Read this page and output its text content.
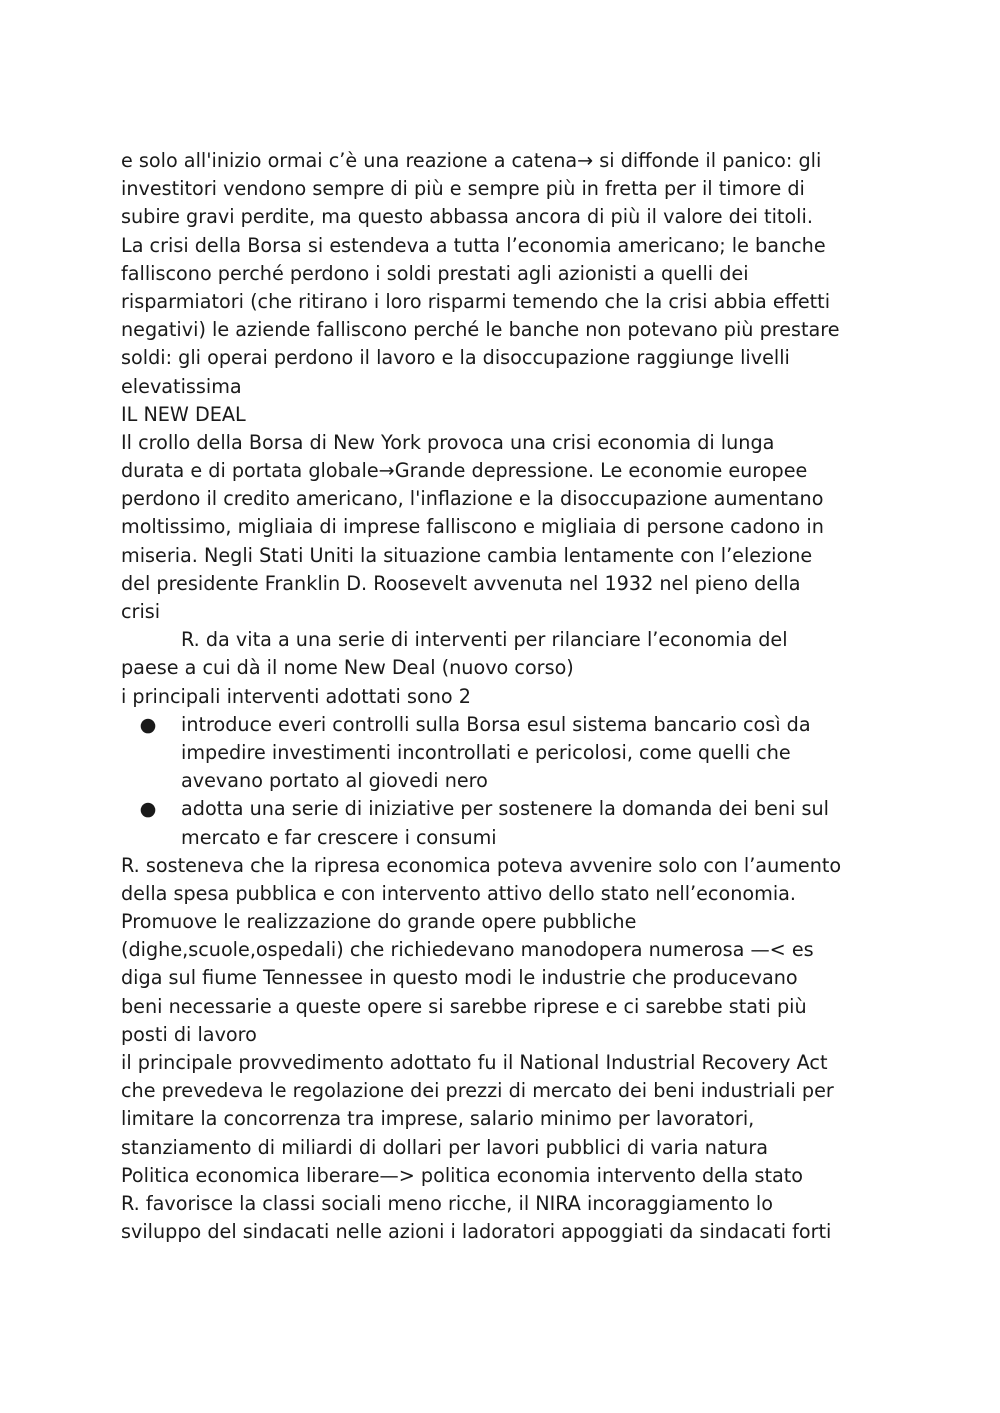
e solo all'inizio ormai c’è una reazione a catena→ si diffonde il panico: gli
investitori vendono sempre di più e sempre più in fretta per il timore di
subire gravi perdite, ma questo abbassa ancora di più il valore dei titoli.
La crisi della Borsa si estendeva a tutta l’economia americano; le banche
falliscono perché perdono i soldi prestati agli azionisti a quelli dei
risparmiatori (che ritirano i loro risparmi temendo che la crisi abbia effetti
negativi) le aziende falliscono perché le banche non potevano più prestare
soldi: gli operai perdono il lavoro e la disoccupazione raggiunge livelli
elevatissima
IL NEW DEAL
Il crollo della Borsa di New York provoca una crisi economia di lunga
durata e di portata globale→Grande depressione. Le economie europee
perdono il credito americano, l'inflazione e la disoccupazione aumentano
moltissimo, migliaia di imprese falliscono e migliaia di persone cadono in
miseria. Negli Stati Uniti la situazione cambia lentamente con l’elezione
del presidente Franklin D. Roosevelt avvenuta nel 1932 nel pieno della
crisi
R. da vita a una serie di interventi per rilanciare l’economia del
paese a cui dà il nome New Deal (nuovo corso)
i principali interventi adottati sono 2
● introduce everi controlli sulla Borsa esul sistema bancario così da
impedire investimenti incontrollati e pericolosi, come quelli che
avevano portato al giovedi nero
● adotta una serie di iniziative per sostenere la domanda dei beni sul
mercato e far crescere i consumi
R. sosteneva che la ripresa economica poteva avvenire solo con l’aumento
della spesa pubblica e con intervento attivo dello stato nell’economia.
Promuove le realizzazione do grande opere pubbliche
(dighe,scuole,ospedali) che richiedevano manodopera numerosa —< es
diga sul fiume Tennessee in questo modi le industrie che producevano
beni necessarie a queste opere si sarebbe riprese e ci sarebbe stati più
posti di lavoro
il principale provvedimento adottato fu il National Industrial Recovery Act
che prevedeva le regolazione dei prezzi di mercato dei beni industriali per
limitare la concorrenza tra imprese, salario minimo per lavoratori,
stanziamento di miliardi di dollari per lavori pubblici di varia natura
Politica economica liberare—> politica economia intervento della stato
R. favorisce la classi sociali meno ricche, il NIRA incoraggiamento lo
sviluppo del sindacati nelle azioni i ladoratori appoggiati da sindacati forti
